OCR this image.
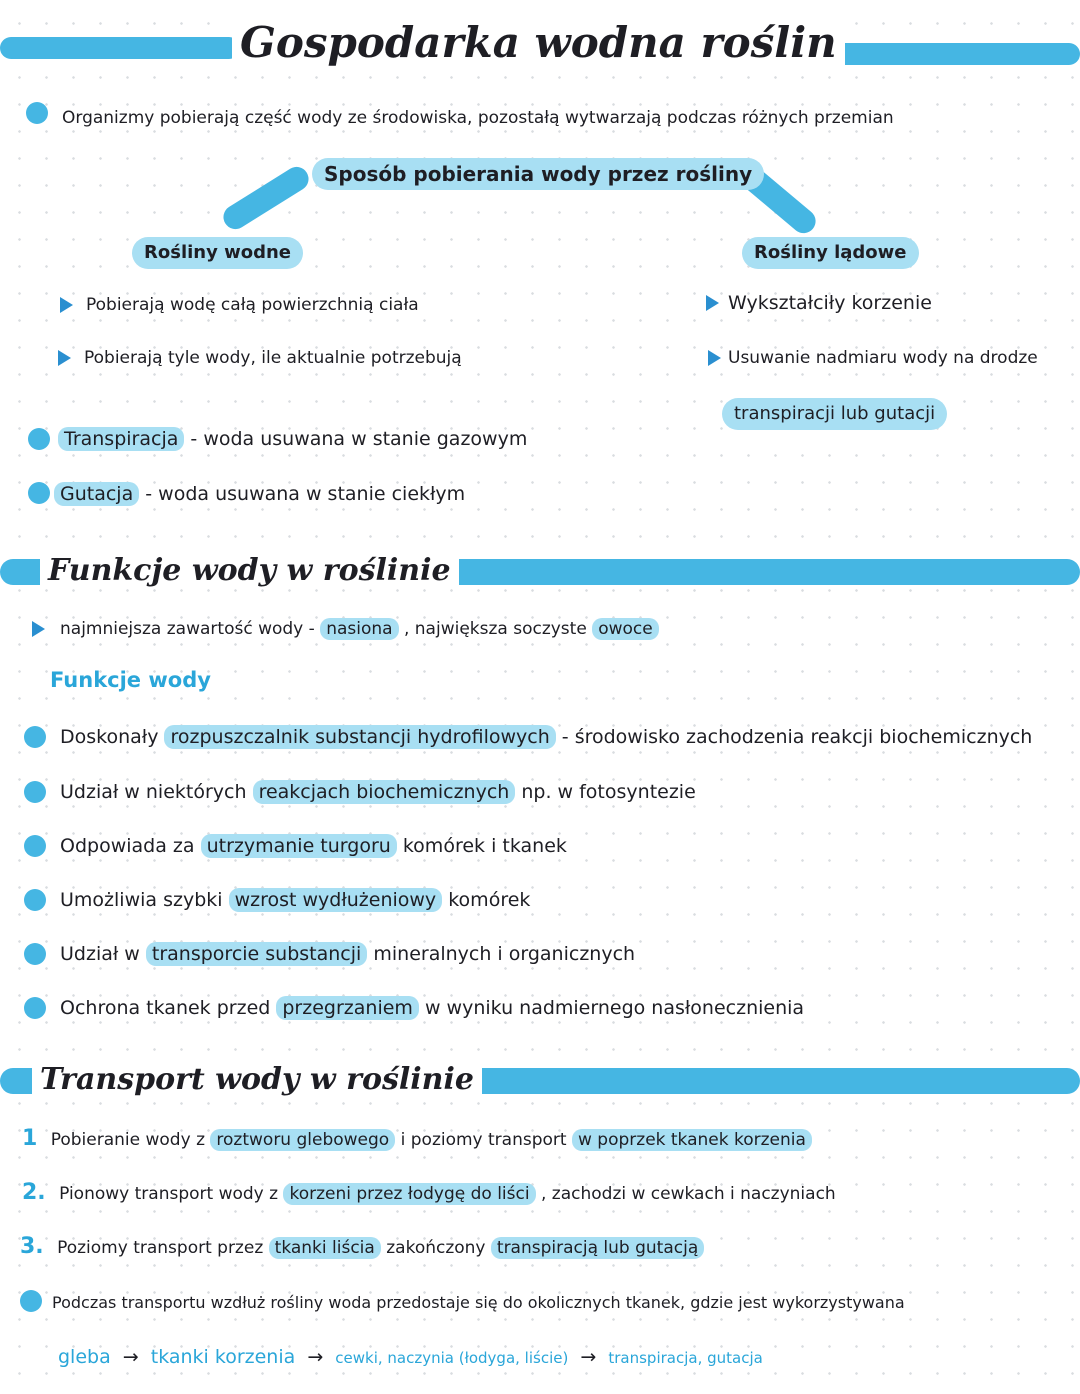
Gospodarka wodna roślin
Organizmy pobierają część wody ze środowiska, pozostałą wytwarzają podczas różnych przemian
Sposób pobierania wody przez rośliny
Rośliny wodne	Rośliny lądowe
Pobierają wodę całą powierzchnią ciała
Pobierają tyle wody, ile aktualnie potrzebują
Wykształciły korzenie
Usuwanie nadmiaru wody na drodze
transpiracji lub gutacji
Transpiracja - woda usuwana w stanie gazowym
Gutacja - woda usuwana w stanie ciekłym
Funkcje wody w roślinie
najmniejsza zawartość wody - nasiona , największa soczyste owoce
Funkcje wody
Doskonały rozpuszczalnik substancji hydrofilowych - środowisko zachodzenia reakcji biochemicznych
Udział w niektórych reakcjach biochemicznych np. w fotosyntezie
Odpowiada za utrzymanie turgoru komórek i tkanek
Umożliwia szybki wzrost wydłużeniowy komórek
Udział w transporcie substancji mineralnych i organicznych
Ochrona tkanek przed przegrzaniem w wyniku nadmiernego nasłonecznienia
Transport wody w roślinie
1 Pobieranie wody z roztworu glebowego i poziomy transport w poprzek tkanek korzenia
2. Pionowy transport wody z korzeni przez łodygę do liści , zachodzi w cewkach i naczyniach
3. Poziomy transport przez tkanki liścia zakończony transpiracją lub gutacją
Podczas transportu wzdłuż rośliny woda przedostaje się do okolicznych tkanek, gdzie jest wykorzystywana
gleba → tkanki korzenia → cewki, naczynia (łodyga, liście) → transpiracja, gutacja
